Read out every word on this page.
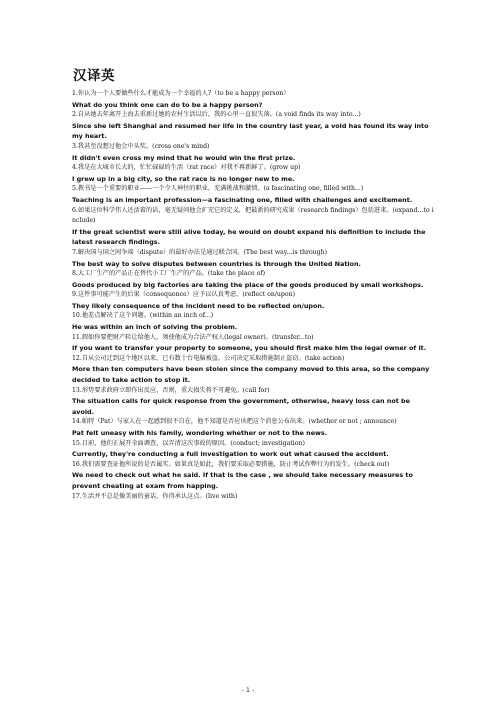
汉译英
1.你认为一个人要做些什么才能成为一个幸福的人?（to be a happy person）
What do you think one can do to be a happy person?
2.自从她去年离开上海去重新过她的农村生活以后，我的心里一直很失落。(a void finds its way into...)
Since she left Shanghai and resumed her life in the country last year, a void has found its way into my heart.
3.我甚至没想过他会中头奖。(cross one's mind)
It didn't even cross my mind that he would win the first prize.
4.我是在大城市长大的，忙忙碌碌的生活（rat race）对我不再新鲜了。(grow up)
I grew up in a big city, so the rat race is no longer new to me.
5.教书是一个重要的职业——一个令人神往的职业，充满挑战和激情。(a fascinating one, filled with...)
Teaching is an important profession—a fascinating one, filled with challenges and excitement.
6.如果这位科学伟人还活着的话，毫无疑问他会扩充它的定义，把最新的研究成果（research findings）包括进来。(expand...to include)
If the great scientist were still alive today, he would on doubt expand his definition to include the latest research findings.
7.解决国与国之间争端（dispute）的最好办法是通过联合国。(The best way...is through)
The best way to solve disputes between countries is through the United Nation.
8.大工厂生产的产品正在替代小工厂生产的产品。(take the place of)
Goods produced by big factories are taking the place of the goods produced by small workshops.
9.这件事可能产生的后果（consequence）应予以认真考虑。(reflect on/upon)
They likely consequence of the incident need to be reflected on/upon.
10.他差点解决了这个问题。(within an inch of...)
He was within an inch of solving the problem.
11.假如你要把财产转让给他人，须使他成为合法产权人(legal owner)。(transfer...to)
If you want to transfer your property to someone, you should first make him the legal owner of it.
12.自从公司迁到这个地区以来，已有数十台电脑被盗，公司决定采取措施制止盗窃。(take action)
More than ten computers have been stolen since the company moved to this area, so the company decided to take action to stop it.
13.形势要求政府立即作出反应，否则，重大损失将不可避免。(call for)
The situation calls for quick response from the government, otherwise, heavy loss can not be avoid.
14.帕特（Pat）与家人在一起感到很不自在，他不知道是否应该把这个消息公布出来。(whether or not ; announce)
Pat felt uneasy with his family, wondering whether or not to the news.
15.目前，他们正展开全面调查，以弄清这次事故的原因。(conduct; investigation)
Currently, they're conducting a full investigation to work out what caused the accident.
16.我们需要查证他所说的是否属实。如果真是如此，我们要采取必要措施，防止考试作弊行为的发生。(check out)
We need to check out what he said. If that is the case , we should take necessary measures to prevent cheating at exam from happing.
17.生活并不总是像美丽的童话，你得承认这点。(live with)
- 1 -
